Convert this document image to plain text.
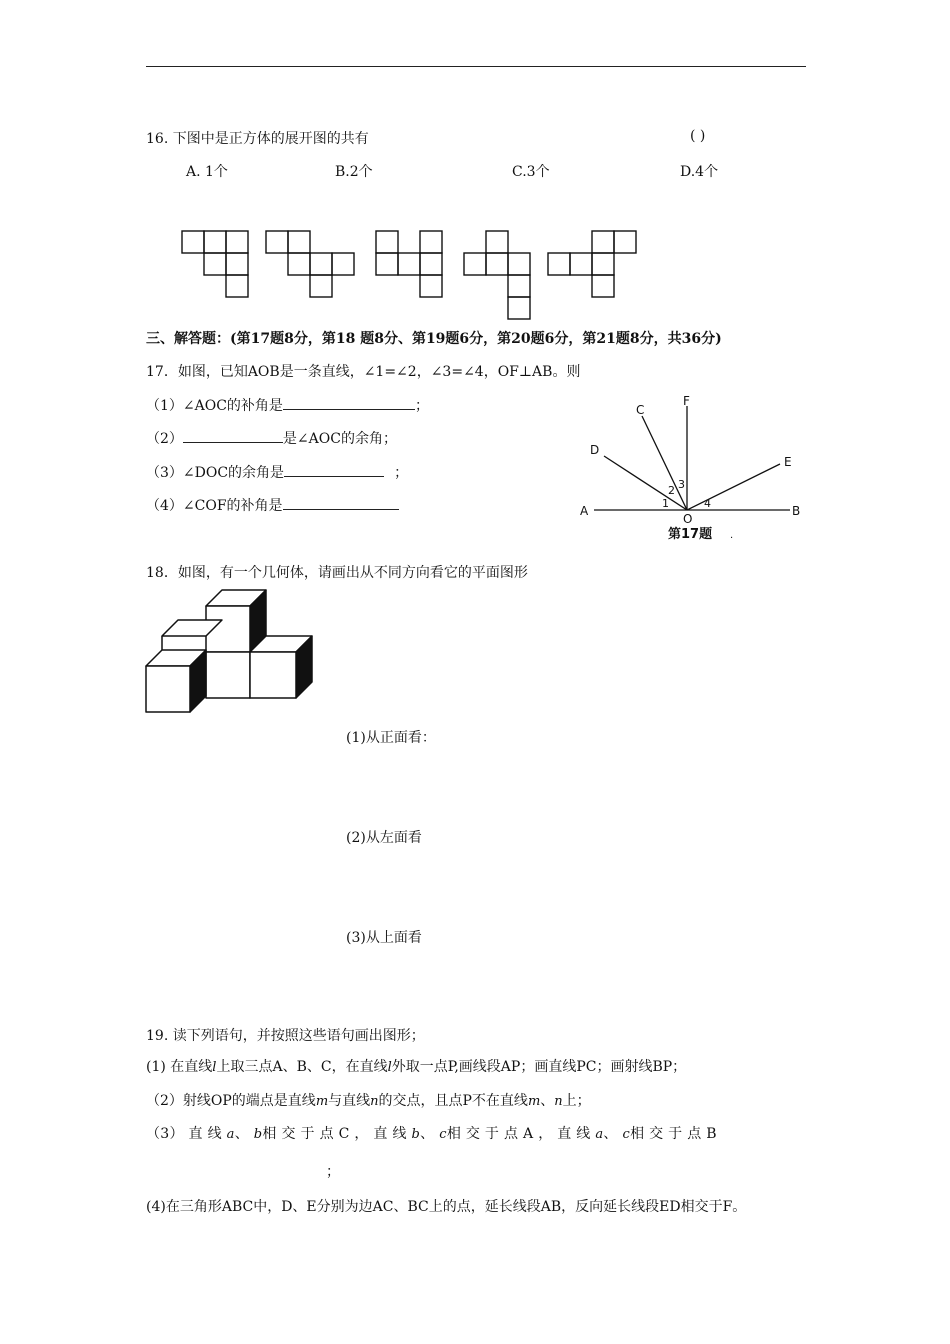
16. 下图中是正方体的展开图的共有	( )
A. 1个	B.2个	C.3个	D.4个
三、解答题：(第17题8分，第18 题8分、第19题6分，第20题6分，第21题8分，共36分)
17．如图，已知AOB是一条直线，∠1=∠2，∠3=∠4，OF⊥AB。则
（1）∠AOC的补角是	；
（2）	是∠AOC的余角；
（3）∠DOC的余角是	；
（4）∠COF的补角是	A	B
O
C
D
E
F
1
2 3
4
第17题 .
18．如图，有一个几何体，请画出从不同方向看它的平面图形
(1)从正面看：
(2)从左面看
(3)从上面看
19. 读下列语句，并按照这些语句画出图形；
(1) 在直线l上取三点A、B、C，在直线l外取一点P,画线段AP；画直线PC；画射线BP；
（2）射线OP的端点是直线m与直线n的交点，且点P不在直线m、n上；
（3） 直 线 a、 b相 交 于 点 C ， 直 线 b、 c相 交 于 点 A ， 直 线 a、 c相 交 于 点 B
；
(4)在三角形ABC中，D、E分别为边AC、BC上的点，延长线段AB，反向延长线段ED相交于F。
